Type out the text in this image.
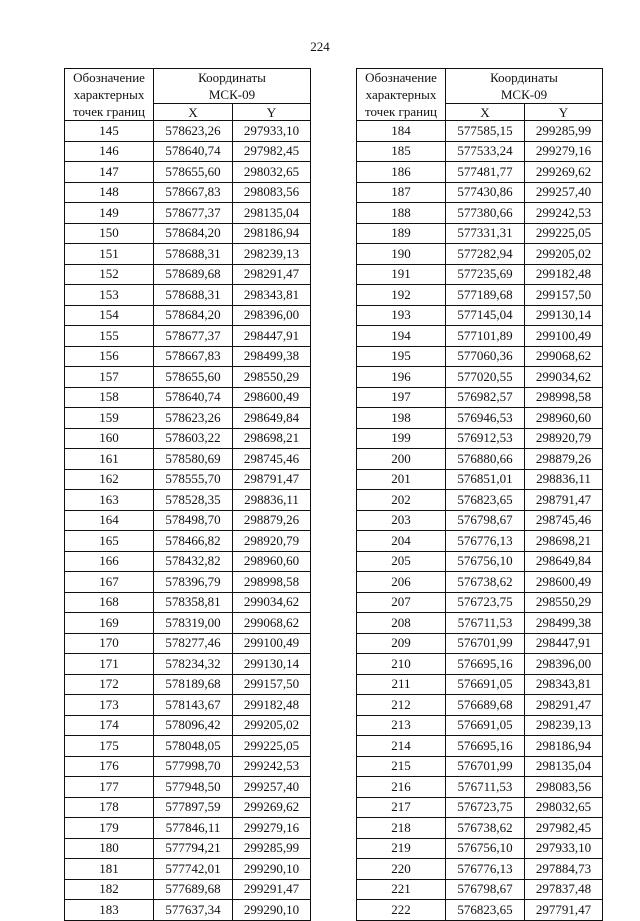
224
Обозначение
характерных
точек границ	Координаты
МСК-09	
	X	Y
145	578623,26	297933,10
146	578640,74	297982,45
147	578655,60	298032,65
148	578667,83	298083,56
149	578677,37	298135,04
150	578684,20	298186,94
151	578688,31	298239,13
152	578689,68	298291,47
153	578688,31	298343,81
154	578684,20	298396,00
155	578677,37	298447,91
156	578667,83	298499,38
157	578655,60	298550,29
158	578640,74	298600,49
159	578623,26	298649,84
160	578603,22	298698,21
161	578580,69	298745,46
162	578555,70	298791,47
163	578528,35	298836,11
164	578498,70	298879,26
165	578466,82	298920,79
166	578432,82	298960,60
167	578396,79	298998,58
168	578358,81	299034,62
169	578319,00	299068,62
170	578277,46	299100,49
171	578234,32	299130,14
172	578189,68	299157,50
173	578143,67	299182,48
174	578096,42	299205,02
175	578048,05	299225,05
176	577998,70	299242,53
177	577948,50	299257,40
178	577897,59	299269,62
179	577846,11	299279,16
180	577794,21	299285,99
181	577742,01	299290,10
182	577689,68	299291,47
183	577637,34	299290,10
Обозначение
характерных
точек границ	Координаты
МСК-09	
	X	Y
184	577585,15	299285,99
185	577533,24	299279,16
186	577481,77	299269,62
187	577430,86	299257,40
188	577380,66	299242,53
189	577331,31	299225,05
190	577282,94	299205,02
191	577235,69	299182,48
192	577189,68	299157,50
193	577145,04	299130,14
194	577101,89	299100,49
195	577060,36	299068,62
196	577020,55	299034,62
197	576982,57	298998,58
198	576946,53	298960,60
199	576912,53	298920,79
200	576880,66	298879,26
201	576851,01	298836,11
202	576823,65	298791,47
203	576798,67	298745,46
204	576776,13	298698,21
205	576756,10	298649,84
206	576738,62	298600,49
207	576723,75	298550,29
208	576711,53	298499,38
209	576701,99	298447,91
210	576695,16	298396,00
211	576691,05	298343,81
212	576689,68	298291,47
213	576691,05	298239,13
214	576695,16	298186,94
215	576701,99	298135,04
216	576711,53	298083,56
217	576723,75	298032,65
218	576738,62	297982,45
219	576756,10	297933,10
220	576776,13	297884,73
221	576798,67	297837,48
222	576823,65	297791,47
